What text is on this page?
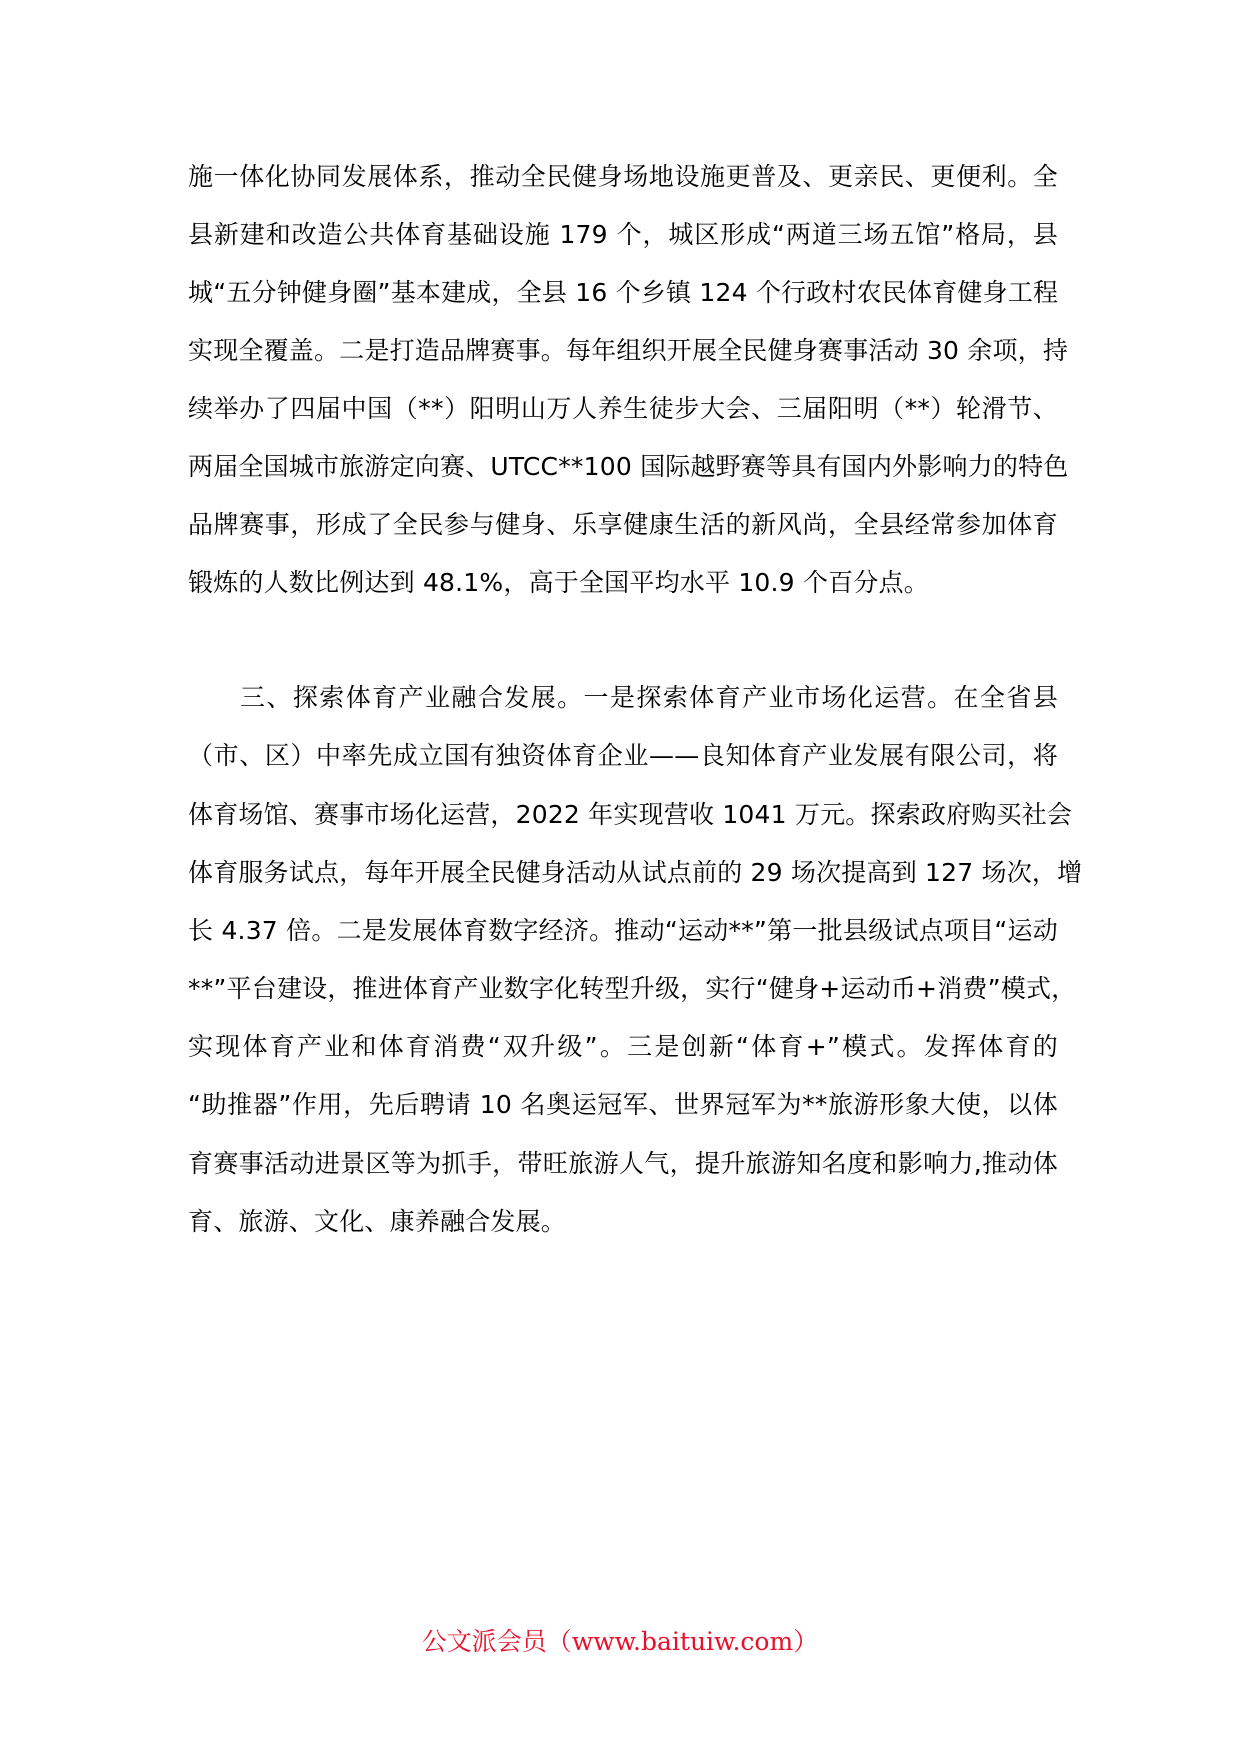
施一体化协同发展体系，推动全民健身场地设施更普及、更亲民、更便利。全
县新建和改造公共体育基础设施 179 个，城区形成“两道三场五馆”格局，县
城“五分钟健身圈”基本建成，全县 16 个乡镇 124 个行政村农民体育健身工程
实现全覆盖。二是打造品牌赛事。每年组织开展全民健身赛事活动 30 余项，持
续举办了四届中国（**）阳明山万人养生徒步大会、三届阳明（**）轮滑节、
两届全国城市旅游定向赛、UTCC**100 国际越野赛等具有国内外影响力的特色
品牌赛事，形成了全民参与健身、乐享健康生活的新风尚，全县经常参加体育
锻炼的人数比例达到 48.1%，高于全国平均水平 10.9 个百分点。
三、探索体育产业融合发展。一是探索体育产业市场化运营。在全省县
（市、区）中率先成立国有独资体育企业——良知体育产业发展有限公司，将
体育场馆、赛事市场化运营，2022 年实现营收 1041 万元。探索政府购买社会
体育服务试点，每年开展全民健身活动从试点前的 29 场次提高到 127 场次，增
长 4.37 倍。二是发展体育数字经济。推动“运动**”第一批县级试点项目“运动
**”平台建设，推进体育产业数字化转型升级，实行“健身+运动币+消费”模式，
实现体育产业和体育消费“双升级”。三是创新“体育+”模式。发挥体育的
“助推器”作用，先后聘请 10 名奥运冠军、世界冠军为**旅游形象大使，以体
育赛事活动进景区等为抓手，带旺旅游人气，提升旅游知名度和影响力,推动体
育、旅游、文化、康养融合发展。
公文派会员（www.baituiw.com）
